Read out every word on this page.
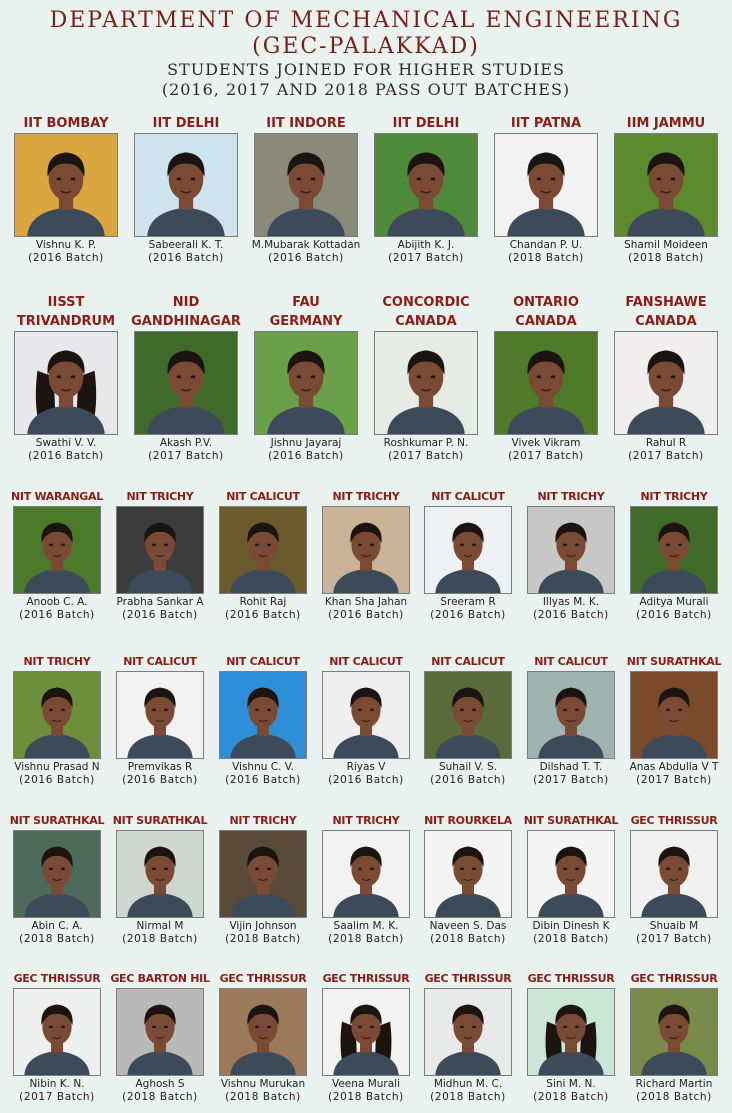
DEPARTMENT OF MECHANICAL ENGINEERING
(GEC-PALAKKAD)
STUDENTS JOINED FOR HIGHER STUDIES
(2016, 2017 AND 2018 PASS OUT BATCHES)
IIT BOMBAY
Vishnu K. P.
(2016 Batch)
IIT DELHI
Sabeerali K. T.
(2016 Batch)
IIT INDORE
M.Mubarak Kottadan
(2016 Batch)
IIT DELHI
Abijith K. J.
(2017 Batch)
IIT PATNA
Chandan P. U.
(2018 Batch)
IIM JAMMU
Shamil Moideen
(2018 Batch)
IISST
TRIVANDRUM
Swathi V. V.
(2016 Batch)
NID
GANDHINAGAR
Akash P.V.
(2017 Batch)
FAU
GERMANY
Jishnu Jayaraj
(2016 Batch)
CONCORDIC
CANADA
Roshkumar P. N.
(2017 Batch)
ONTARIO
CANADA
Vivek Vikram
(2017 Batch)
FANSHAWE
CANADA
Rahul R
(2017 Batch)
NIT WARANGAL
Anoob C. A.
(2016 Batch)
NIT TRICHY
Prabha Sankar A
(2016 Batch)
NIT CALICUT
Rohit Raj
(2016 Batch)
NIT TRICHY
Khan Sha Jahan
(2016 Batch)
NIT CALICUT
Sreeram R
(2016 Batch)
NIT TRICHY
Illyas M. K.
(2016 Batch)
NIT TRICHY
Aditya Murali
(2016 Batch)
NIT TRICHY
Vishnu Prasad N
(2016 Batch)
NIT CALICUT
Premvikas R
(2016 Batch)
NIT CALICUT
Vishnu C. V.
(2016 Batch)
NIT CALICUT
Riyas V
(2016 Batch)
NIT CALICUT
Suhail V. S.
(2016 Batch)
NIT CALICUT
Dilshad T. T.
(2017 Batch)
NIT SURATHKAL
Anas Abdulla V T
(2017 Batch)
NIT SURATHKAL
Abin C. A.
(2018 Batch)
NIT SURATHKAL
Nirmal M
(2018 Batch)
NIT TRICHY
Vijin Johnson
(2018 Batch)
NIT TRICHY
Saalim M. K.
(2018 Batch)
NIT ROURKELA
Naveen S. Das
(2018 Batch)
NIT SURATHKAL
Dibin Dinesh K
(2018 Batch)
GEC THRISSUR
Shuaib M
(2017 Batch)
GEC THRISSUR
Nibin K. N.
(2017 Batch)
GEC BARTON HIL
Aghosh S
(2018 Batch)
GEC THRISSUR
Vishnu Murukan
(2018 Batch)
GEC THRISSUR
Veena Murali
(2018 Batch)
GEC THRISSUR
Midhun M. C.
(2018 Batch)
GEC THRISSUR
Sini M. N.
(2018 Batch)
GEC THRISSUR
Richard Martin
(2018 Batch)
